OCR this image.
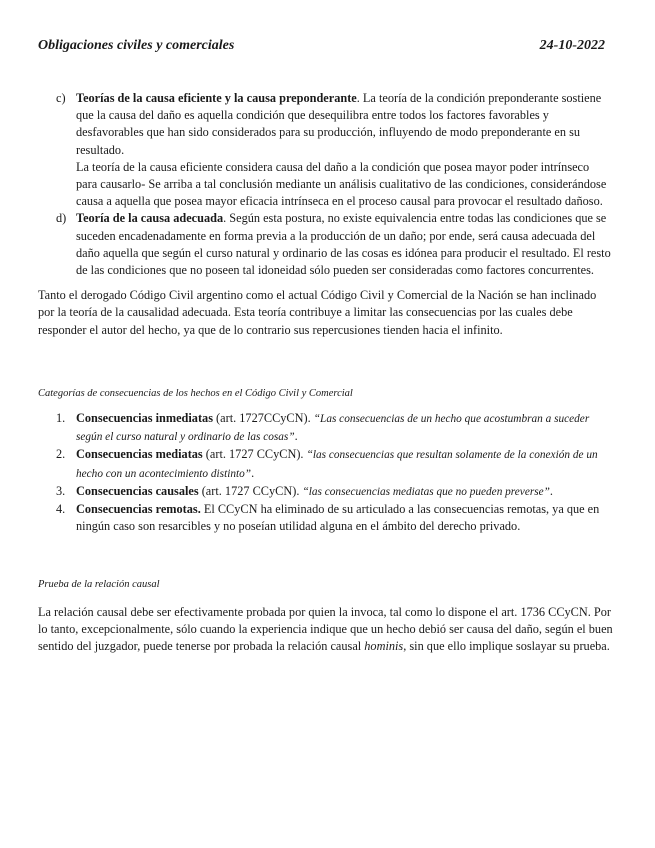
Obligaciones civiles y comerciales	24-10-2022
c) Teorías de la causa eficiente y la causa preponderante. La teoría de la condición preponderante sostiene que la causa del daño es aquella condición que desequilibra entre todos los factores favorables y desfavorables que han sido considerados para su producción, influyendo de modo preponderante en su resultado.

La teoría de la causa eficiente considera causa del daño a la condición que posea mayor poder intrínseco para causarlo- Se arriba a tal conclusión mediante un análisis cualitativo de las condiciones, considerándose causa a aquella que posea mayor eficacia intrínseca en el proceso causal para provocar el resultado dañoso.

d) Teoría de la causa adecuada. Según esta postura, no existe equivalencia entre todas las condiciones que se suceden encadenadamente en forma previa a la producción de un daño; por ende, será causa adecuada del daño aquella que según el curso natural y ordinario de las cosas es idónea para producir el resultado. El resto de las condiciones que no poseen tal idoneidad sólo pueden ser consideradas como factores concurrentes.

Tanto el derogado Código Civil argentino como el actual Código Civil y Comercial de la Nación se han inclinado por la teoría de la causalidad adecuada. Esta teoría contribuye a limitar las consecuencias por las cuales debe responder el autor del hecho, ya que de lo contrario sus repercusiones tienden hacia el infinito.

Categorías de consecuencias de los hechos en el Código Civil y Comercial
1. Consecuencias inmediatas (art. 1727CCyCN). “Las consecuencias de un hecho que acostumbran a suceder según el curso natural y ordinario de las cosas”.

2. Consecuencias mediatas (art. 1727 CCyCN). “las consecuencias que resultan solamente de la conexión de un hecho con un acontecimiento distinto”.

3. Consecuencias causales (art. 1727 CCyCN). “las consecuencias mediatas que no pueden preverse”.

4. Consecuencias remotas. El CCyCN ha eliminado de su articulado a las consecuencias remotas, ya que en ningún caso son resarcibles y no poseían utilidad alguna en el ámbito del derecho privado.

Prueba de la relación causal

La relación causal debe ser efectivamente probada por quien la invoca, tal como lo dispone el art. 1736 CCyCN. Por lo tanto, excepcionalmente, sólo cuando la experiencia indique que un hecho debió ser causa del daño, según el buen sentido del juzgador, puede tenerse por probada la relación causal hominis, sin que ello implique soslayar su prueba.
